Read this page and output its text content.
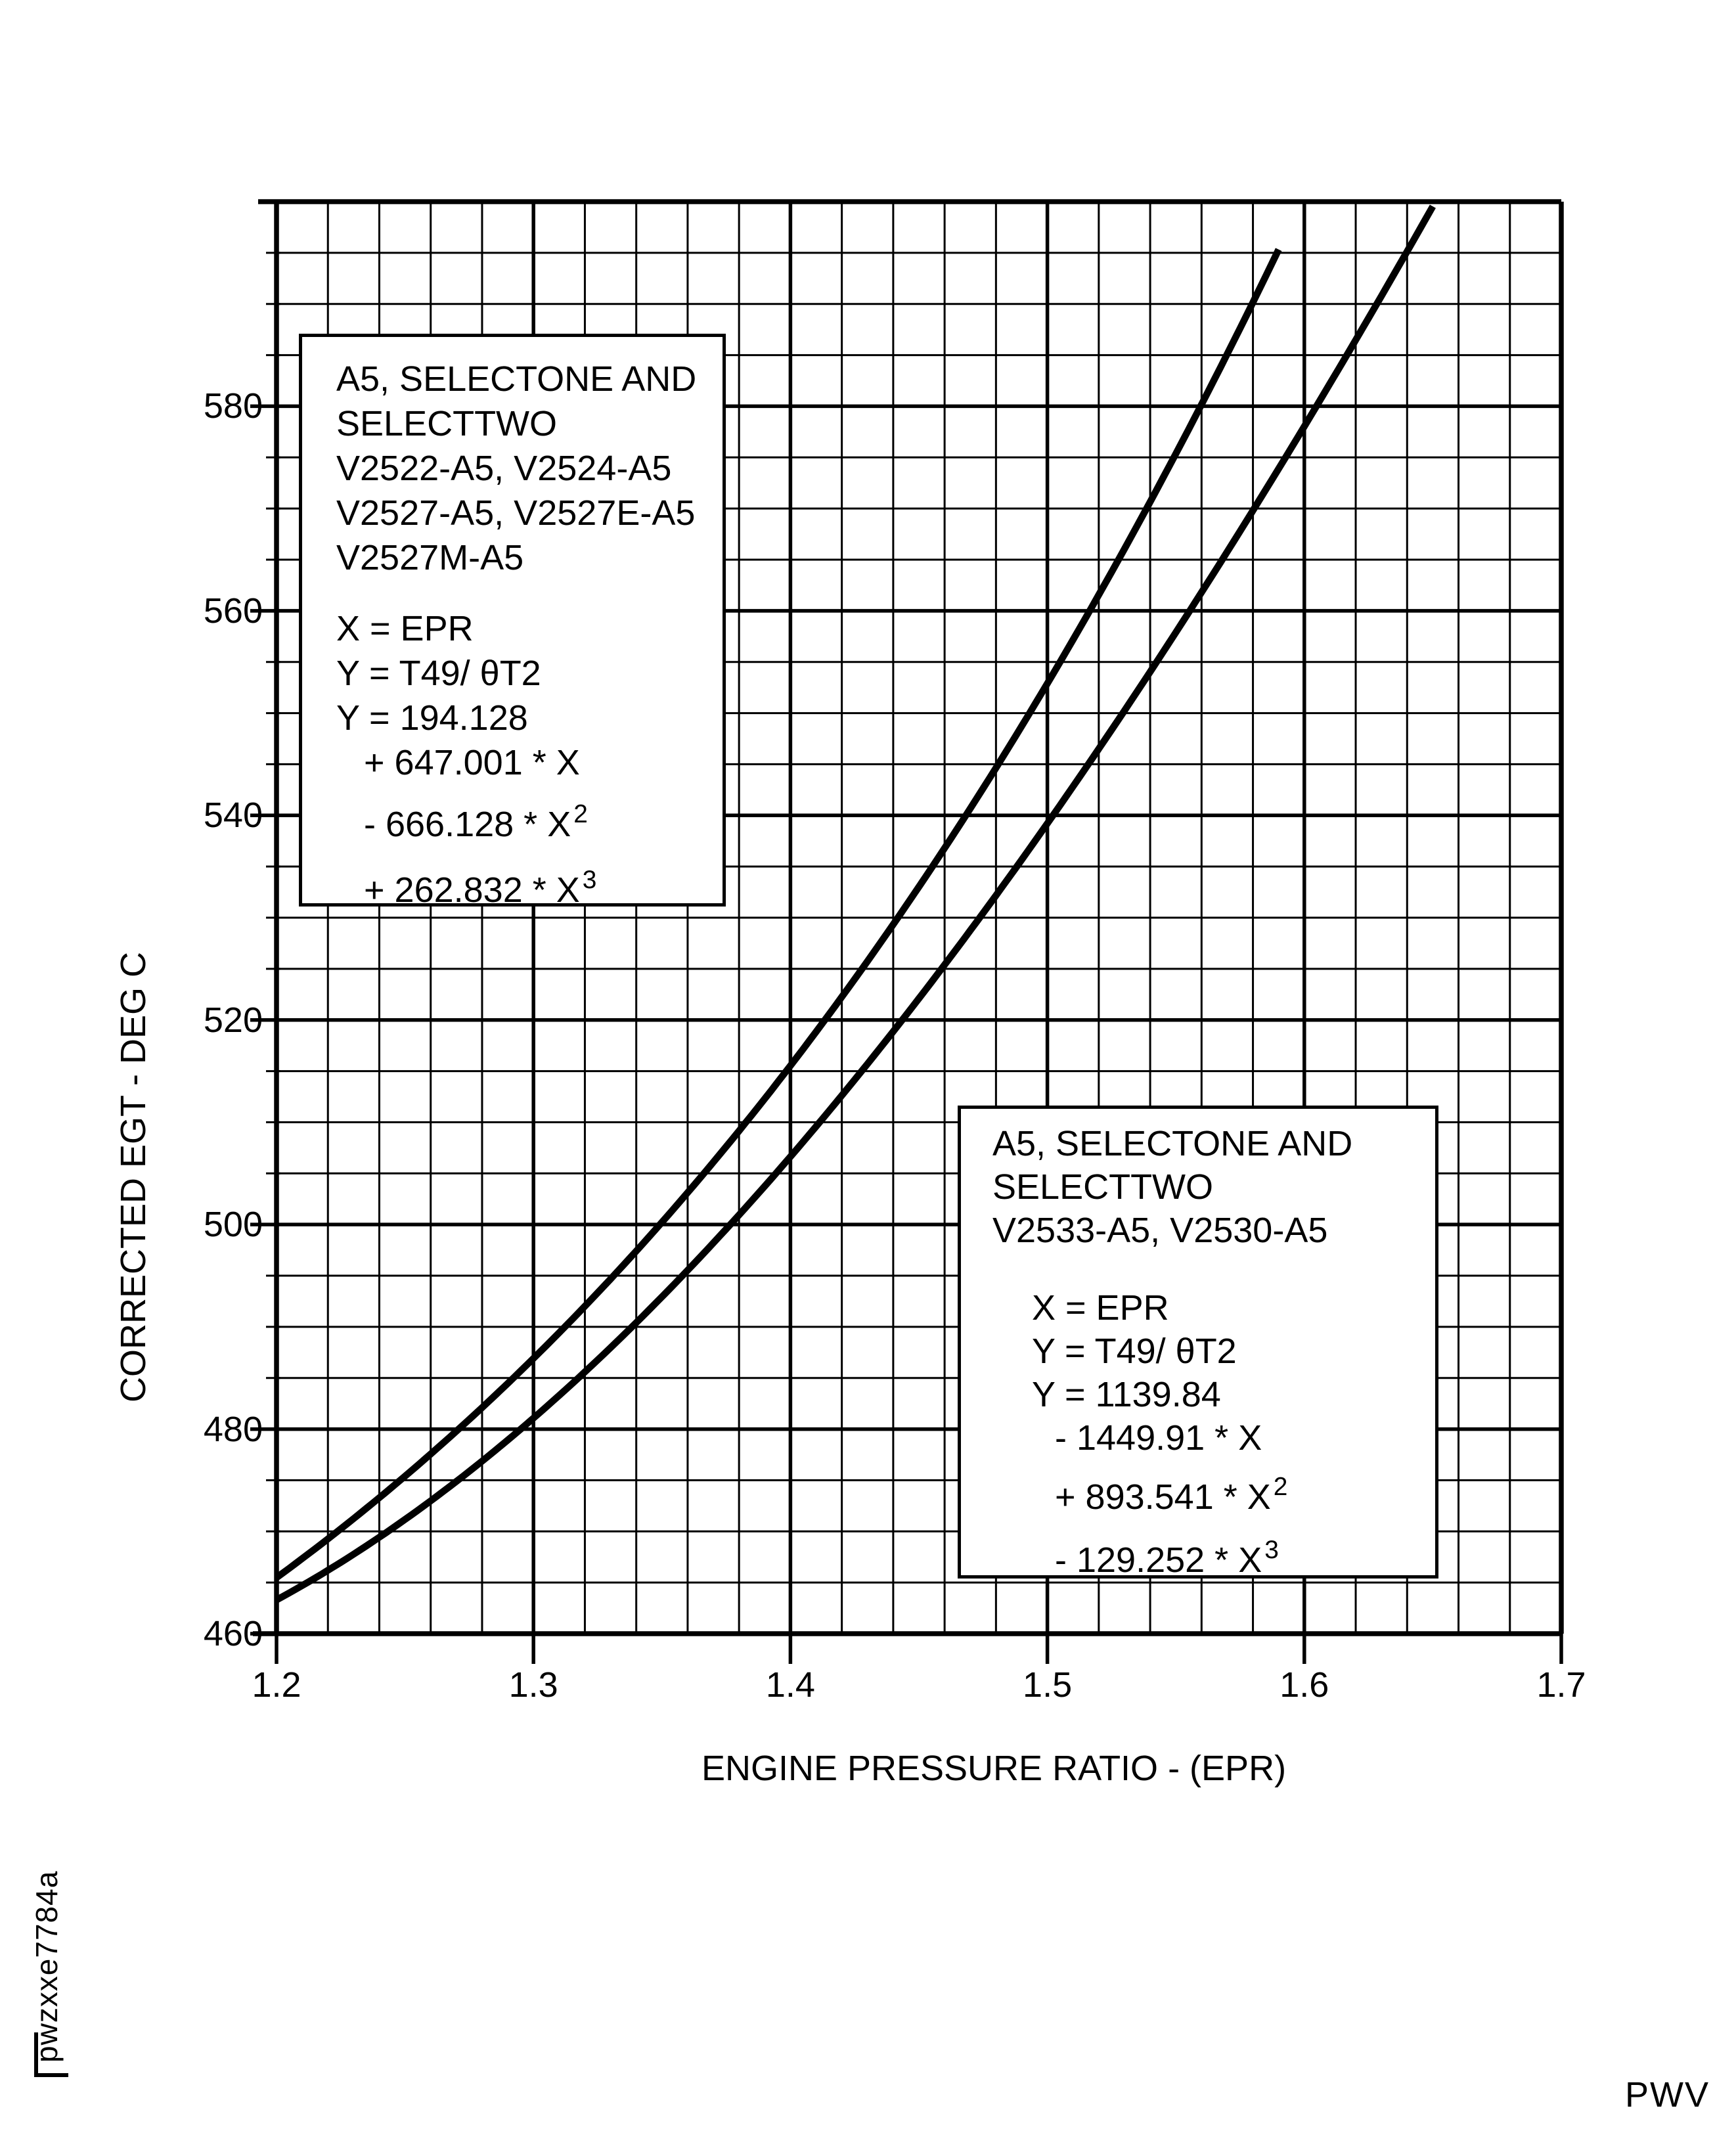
1.2	1.3	1.4	1.5	1.6	1.7
460
480
500
520
540
560
580
ENGINE PRESSURE RATIO - (EPR)
CORRECTED EGT - DEG C
A5, SELECTONE AND
SELECTTWO
V2522-A5, V2524-A5
V2527-A5, V2527E-A5
V2527M-A5
X = EPR
Y = T49/ θT2
Y = 194.128
+ 647.001 * X
- 666.128 * X $^2$
+ 262.832 * X $^3$
A5, SELECTONE AND
SELECTTWO
V2533-A5, V2530-A5
X = EPR
Y = T49/ θT2
Y = 1139.84
- 1449.91 * X
+ 893.541 * X $^2$
- 129.252 * X $^3$
pwzxxe7784a
PWV
